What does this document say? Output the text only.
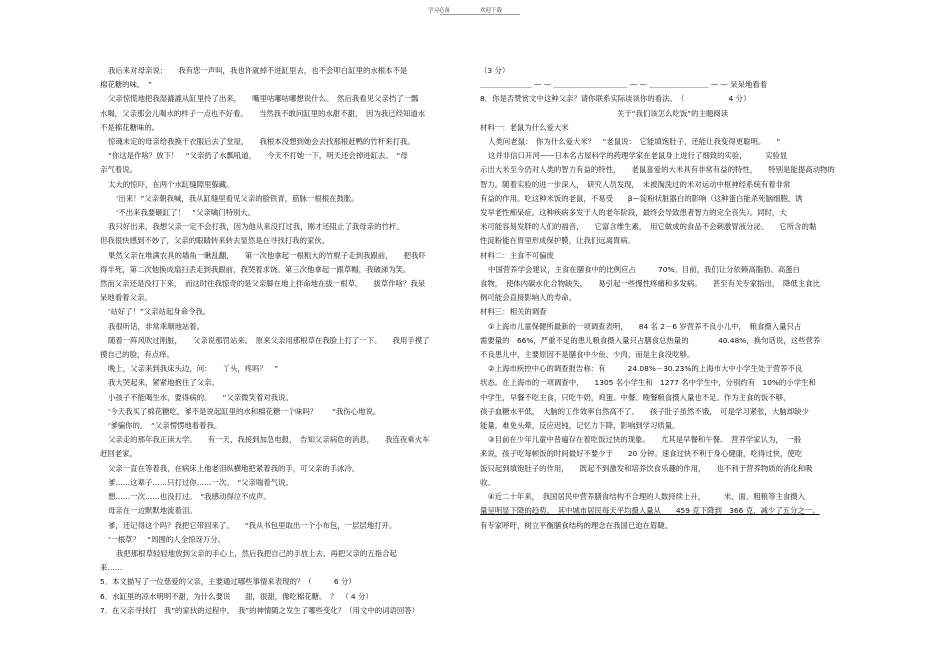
学习必备	欢迎下载
我后来对母亲说：　　我有您一声叫，我也许就掉不进缸里去，也不会叩白缸里的水根本不是
棉花糖的味。　”
父亲惊慌地把我湿漉漉从缸里拎了出来，　　嘴里咕嘟咕嘟想说什么。　然后我看见父亲挡了一瓢
水喝，父亲那会儿喝水的样子一点也不好看。　　当然我不敢问缸里的水甜不甜，　因为我已经知道水
不是棉花糖味的。
惊魂未定的母亲给我换干衣服后去了堂屋，　　我根本没想到她会去找那根赶鸭的竹杆来打我。
“你这是作啥？放下！　“父亲扔了水瓢吼道，　　今天不打她一下，明天还会掉进缸去。　“母
亲气着说。
太大的惊吓，在两个水缸缝隙里躲藏。
‘出来！”父亲朝我喊，我从缸缝里看见父亲的脸铁青，筋脉一根根在鼓胀。
‘不出来我要砸缸了！　“父亲噙门特别大。
我只好出来，我想父亲一定不会打我，因为他从来没打过我，刚才还阻止了我母亲的竹杆。
但我很快感到不妙了，父亲的眼睛转来转去显然是在寻找打我的家伙。
果然父亲在堆满农具的墙角一瞅乱翻，　　第一次他拿起一根粗大的竹棍子走到我跟前，　　把我吓
得半死，第二次他换成扇扫丢走到我跟前，我哭着求饶。第三次他拿起一跟草帽，我破涕为笑。
然而父亲还是没打下来，　而这时往我惊奇的是父亲脚在地上拌命地在拔一根草。　　拔草作啥？我呆
呆地看着父亲。
‘站好了！”父亲站起身命令我。
我很听话，非常乖顺地站着。
随着一阵风吹过刚脏，　　父亲说那罚站来。　原来父亲用那根草在我脸上打了一下。　　我用手摸了
摸自己的脸，有点痒。
晚上，父亲来到我床头边，问：　　丫头，疼吗？　”
我大哭起来，紧紧地抱住了父亲。
小孩子不能喝生水，要得病的。　　“父亲微笑着对我说。
‘今天我买了棉花糖吃，爹不是说起缸里的水和棉花糖一个味吗？　　“我伤心地说。
‘爹骗你的。　“父亲愣愣地看着我。
父亲走的那年我正读大学。　　有一天，我接到加急电报，　告知父亲病危的消息，　　我连夜乘火车
赶回老家。
父亲一直在等着我，在病床上他老泪纵横地把紧着我的手，可父亲的手冰冷。
爹……这辈子……只打过你……一次。　“父亲喘着气说。
想……一次……也没打过。　“我感动得泣不成声。
母亲在一边默默地流着泪。
爹，还记得这个吗？我把它带回来了。　　“我从书包里取出一个小布包，一层层地打开。
‘一根草？　“周围的人全惊讶万分。
我把那根草轻轻地放到父亲的手心上，然后我把自己的手放上去，再把父亲的五指合起
来……
5．本文描写了一位慈爱的父亲，主要通过哪些事情来表现的？（　　　6 分）
6．水缸里的凉水明明不甜，为什么要说　　甜，很甜，像吃棉花糖。　？　（ 4 分）
7．在父亲寻找打　我”的家伙的过程中，　我”的神情随之发生了哪些变化？（用文中的词语回答）
（3 分）
＿＿＿＿＿＿＿ — — ＿＿＿＿＿＿＿＿＿＿ — — ＿＿＿＿＿＿＿＿ — — 呆呆地看着
8．你是否赞赏文中这种父亲？请你联系实际谈谈你的看法。　（　　　　　　4 分）
关于“我们该怎么吃饭”的主题阅读
材料一：老鼠为什么爱大米
人类问老鼠：　你为什么爱大米？　“老鼠说：　它能填饱肚子，还能让我变得更聪明。　　”
这并非信口开河——日本名古屋科学的药理学家在老鼠身上进行了细致的实验，　　　实验显
示出大米至今仍对人类的智力有益的特性，　　老鼠喜爱的大米具有非常有益的特性，　　特别是能提高动物的
智力。随着实验的进一步深入，　研究人员发现，　未被淘洗过的米对运动中枢神经系统有着非常
有益的作用。吃这种米饭的老鼠，不易受　　β—淀粉状脏器白的影响（这种蛋白能杀死脑细胞，诱
发早老性痴呆症。这种疾病多发于人的老年阶段，最终会导致患者智力的完全丧失）。同时，大
米可能容易发胖的人们的福音，　　它富含维生素，　用它做成的食品不会刺激胃液分泌。　　它所含的黏
性淀粉能在胃里形成保护膜，让我们远离胃病。
材料二：主食不可偏废
中国营养学会建议，主食在膳食中的比例应占　　　70%。目前，我们让分依赖高脂肪、高蛋白
食物，　使体内碳水化合物缺失，　　易引起一些慢性疼痛和多发病。　　甚至有关专家指出，　降低主食比
例可能会直接影响人的寿命。
材料三：相关的调查
①上海市儿童保健所最新的一项调查表明，　　84 名 2－6 岁营养不良小儿中，　粮食摄入量只占
需要量的　66%，严重不足的患儿粮食摄入量只占膳食总热量的　　　　40.48%，换句话说，这些营养
不良患儿中，主要原因不是膳食中少鱼、少肉，而是主食没吃够。
②上海市疾控中心的调查报告称：有　　　24.08%－30.23%的上海市大中小学生处于营养不良
状态。在上海市的一项调查中，　　1305 名小学生和　1277 名中学生中，分别约有　10%的小学生和
中学生，早餐不吃主食，只吃牛奶，鸡蛋。中餐、晚餐粮食摄入量也不足。作为主食的饭不够，
孩子血糖水平低，　大脑的工作效率自然高不了。　　孩子肚子虽然不饿，　可是学习紧张，大脑却缺少
能量，难免头晕，反应迟钝，记忆力下降，影响到学习质量。
③目前在少年儿童中普遍存在着吃饭过快的现象。　　尤其是早餐和午餐。　营养学家认为，　一般
来说，孩子吃每顿饭的时间最好不要少于　　20 分钟。速食过快不利于身心健康，吃得过快，使吃
饭只起到填饱肚子的作用，　　既起不到激发和培养饮食乐趣的作用，　　也不利于营养物质的消化和吸
收。
④近二十年来，　我国居民中营养膳食结构不合理的人数持续上升，　　　米、面、粗粮等主食摄入
量呈明显下降的趋势。　其中城市居民每天平均摄入量从　　459 克下降到　366 克，减少了五分之一。
有专家呼吁，树立平衡膳食结构的理念在我国已迫在眉睫。
